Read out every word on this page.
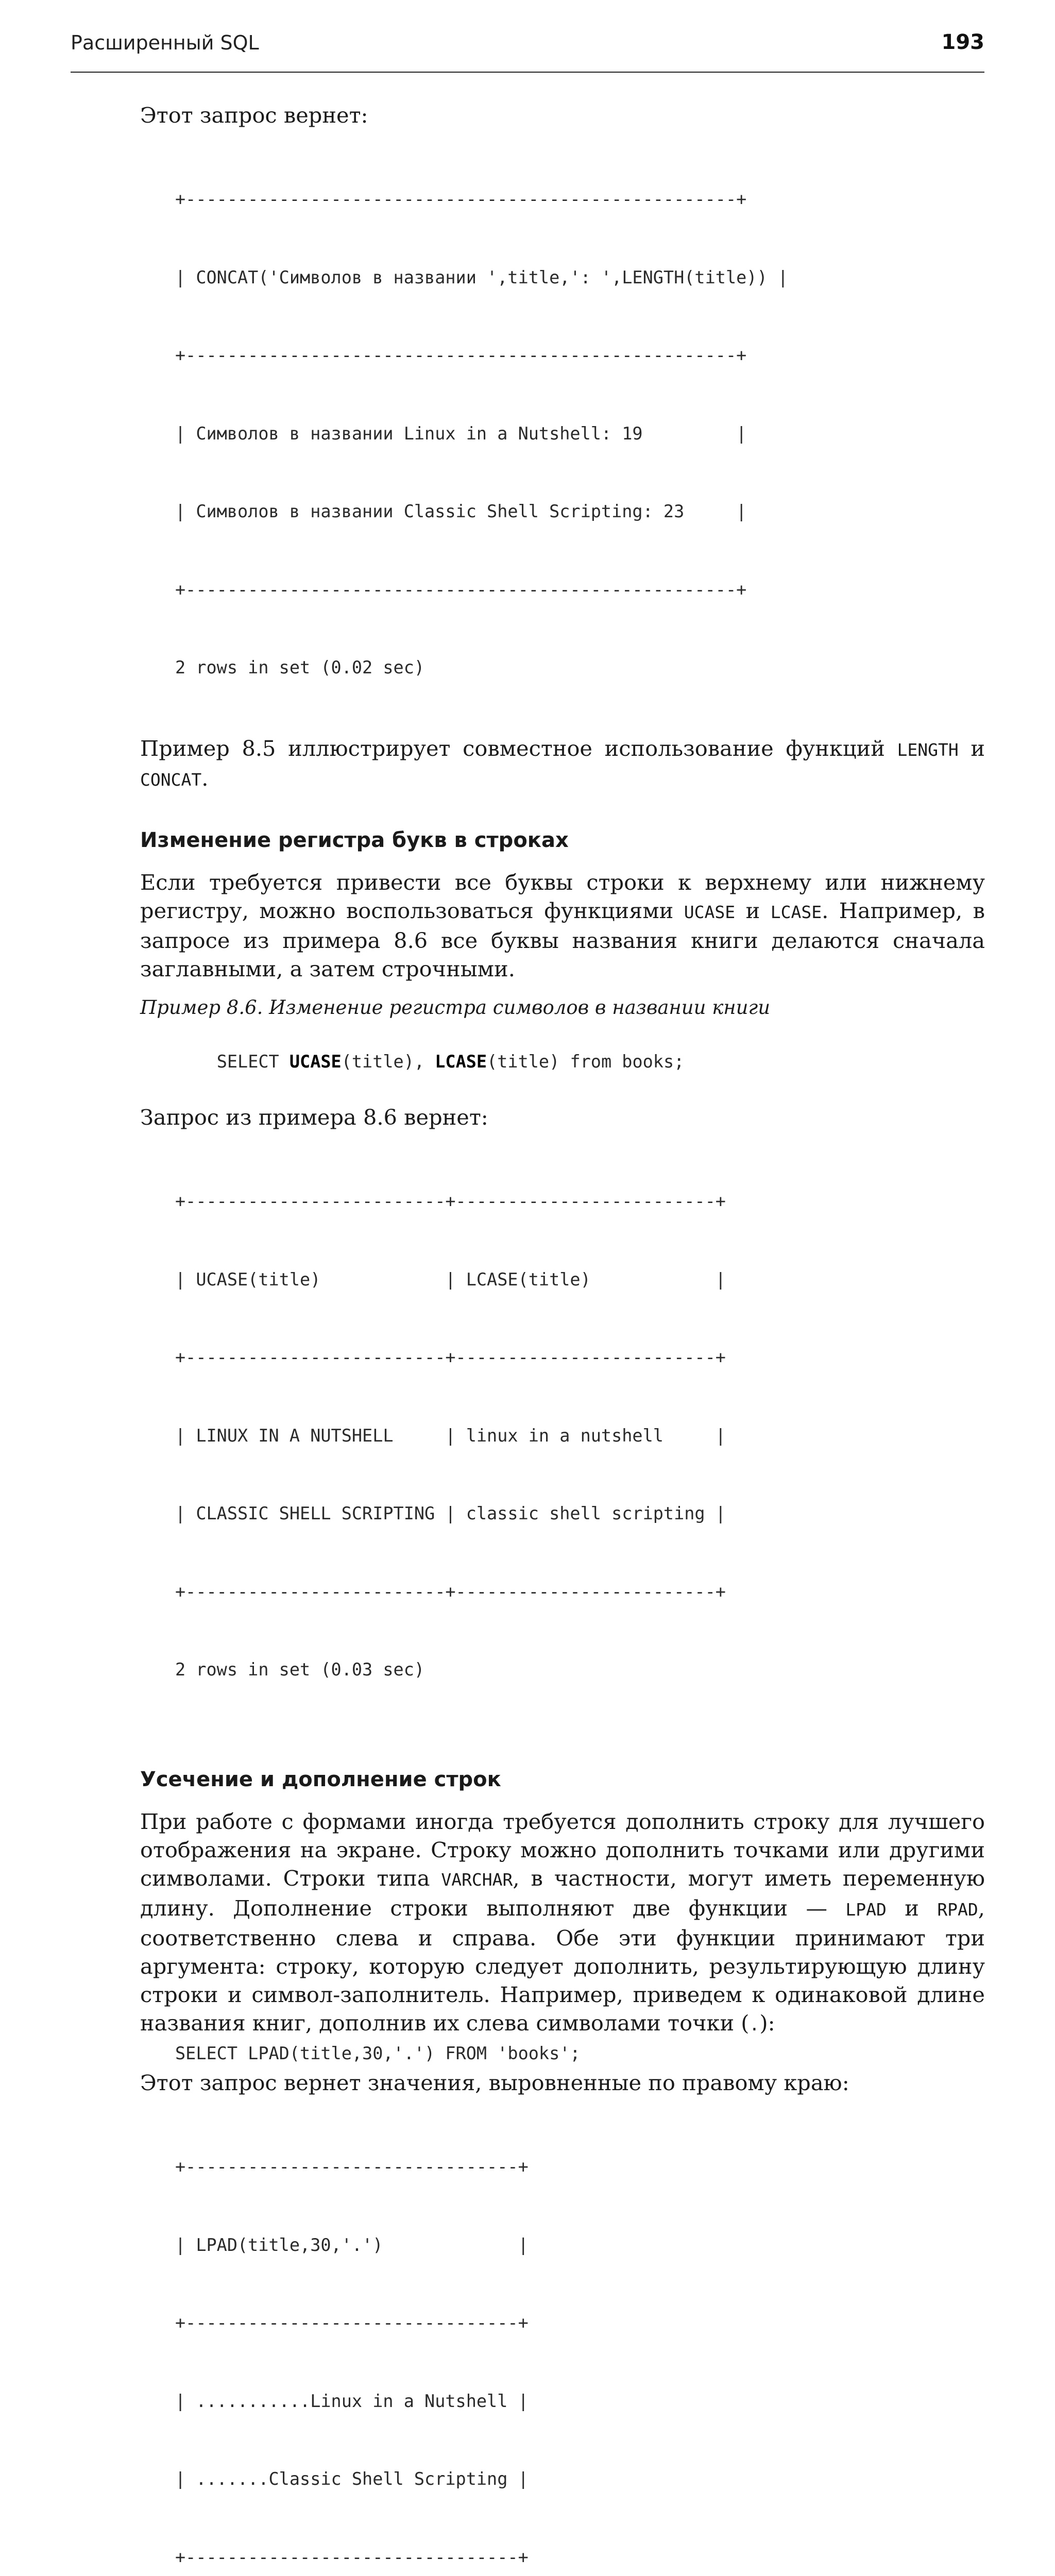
Расширенный SQL	193

Этот запрос вернет:

+-----------------------------------------------------+

| CONCAT('Символов в названии ',title,': ',LENGTH(title)) |

+-----------------------------------------------------+

| Символов в названии Linux in a Nutshell: 19         |

| Символов в названии Classic Shell Scripting: 23     |

+-----------------------------------------------------+

2 rows in set (0.02 sec)

Пример 8.5 иллюстрирует совместное использование функций LENGTH и CONCAT.

Изменение регистра букв в строках

Если требуется привести все буквы строки к верхнему или нижнему регистру, можно воспользоваться функциями UCASE и LCASE. Например, в запросе из примера 8.6 все буквы названия книги делаются сначала заглавными, а затем строчными.

Пример 8.6. Изменение регистра символов в названии книги

SELECT UCASE(title), LCASE(title) from books;

Запрос из примера 8.6 вернет:

+-------------------------+-------------------------+

| UCASE(title)            | LCASE(title)            |

+-------------------------+-------------------------+

| LINUX IN A NUTSHELL     | linux in a nutshell     |

| CLASSIC SHELL SCRIPTING | classic shell scripting |

+-------------------------+-------------------------+

2 rows in set (0.03 sec)

Усечение и дополнение строк

При работе с формами иногда требуется дополнить строку для лучшего отображения на экране. Строку можно дополнить точками или другими символами. Строки типа VARCHAR, в частности, могут иметь переменную длину. Дополнение строки выполняют две функции — LPAD и RPAD, соответственно слева и справа. Обе эти функции принимают три аргумента: строку, которую следует дополнить, результирующую длину строки и символ-заполнитель. Например, приведем к одинаковой длине названия книг, дополнив их слева символами точки (.):

SELECT LPAD(title,30,'.') FROM 'books';

Этот запрос вернет значения, выровненные по правому краю:

+--------------------------------+

| LPAD(title,30,'.')             |

+--------------------------------+

| ...........Linux in a Nutshell |

| .......Classic Shell Scripting |

+--------------------------------+
